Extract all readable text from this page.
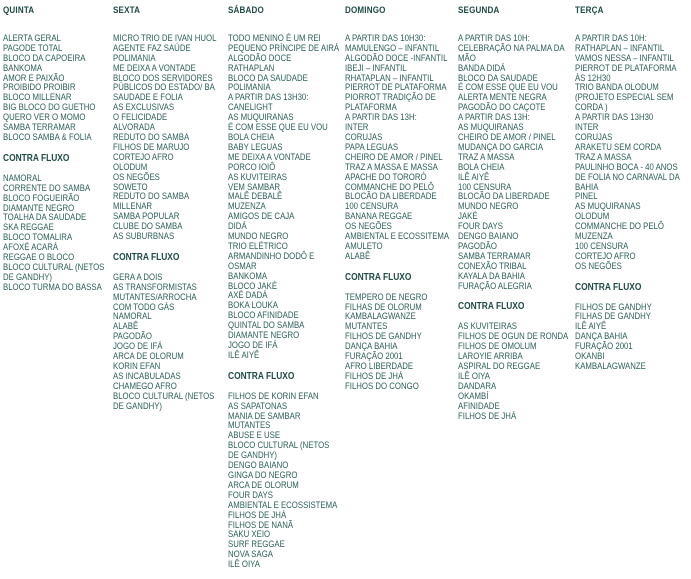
QUINTA
ALERTA GERAL
PAGODE TOTAL
BLOCO DA CAPOEIRA
BANKOMA
AMOR E PAIXÃO
PROIBIDO PROIBIR
BLOCO MILLENAR
BIG BLOCO DO GUETHO
QUERO VER O MOMO
SAMBA TERRAMAR
BLOCO SAMBA & FOLIA
CONTRA FLUXO
NAMORAL
CORRENTE DO SAMBA
BLOCO FOGUEIRÃO
DIAMANTE NEGRO
TOALHA DA SAUDADE
SKA REGGAE
BLOCO TOMALIRA
AFOXÉ ACARÁ
REGGAE O BLOCO
BLOCO CULTURAL (NETOS
DE GANDHY)
BLOCO TURMA DO BASSA
SEXTA
MICRO TRIO DE IVAN HUOL
AGENTE FAZ SAÚDE
POLIMANIA
ME DEIXA A VONTADE
BLOCO DOS SERVIDORES
PÚBLICOS DO ESTADO/ BA
SAUDADE E FOLIA
AS EXCLUSIVAS
O FELICIDADE
ALVORADA
REDUTO DO SAMBA
FILHOS DE MARUJO
CORTEJO AFRO
OLODUM
OS NEGÕES
SOWETO
REDUTO DO SAMBA
MILLENAR
SAMBA POPULAR
CLUBE DO SAMBA
AS SUBURBNAS
CONTRA FLUXO
GERA A DOIS
AS TRANSFORMISTAS
MUTANTES/ARROCHA
COM TODO GÁS
NAMORAL
ALABÊ
PAGODÃO
JOGO DE IFÁ
ARCA DE OLORUM
KORIN EFAN
AS INCABULADAS
CHAMEGO AFRO
BLOCO CULTURAL (NETOS
DE GANDHY)
SÁBADO
TODO MENINO É UM REI
PEQUENO PRÍNCIPE DE AIRÁ
ALGODÃO DOCE
RATHAPLAN
BLOCO DA SAUDADE
POLIMANIA
A PARTIR DAS 13H30:
CANELIGHT
AS MUQUIRANAS
É COM ESSE QUE EU VOU
BOLA CHEIA
BABY LEGUAS
ME DEIXA A VONTADE
PORCO IOIÔ
AS KUVITEIRAS
VEM SAMBAR
MALÊ DEBALÊ
MUZENZA
AMIGOS DE CAJA
DIDÁ
MUNDO NEGRO
TRIO ELÉTRICO
ARMANDINHO DODÔ E
OSMAR
BANKOMA
BLOCO JAKÉ
AXÉ DADÁ
BOKA LOUKA
BLOCO AFINIDADE
QUINTAL DO SAMBA
DIAMANTE NEGRO
JOGO DE IFÁ
ILÊ AIYÊ
CONTRA FLUXO
FILHOS DE KORIN EFAN
AS SAPATONAS
MANIA DE SAMBAR
MUTANTES
ABUSE E USE
BLOCO CULTURAL (NETOS
DE GANDHY)
DENGO BAIANO
GINGA DO NEGRO
ARCA DE OLORUM
FOUR DAYS
AMBIENTAL E ECOSSISTEMA
FILHOS DE JHÁ
FILHOS DE NANÃ
SAKU XEIO
SURF REGGAE
NOVA SAGA
ILÊ OIYA
DOMINGO
A PARTIR DAS 10H30:
MAMULENGO – INFANTIL
ALGODÃO DOCE -INFANTIL
IBEJI – INFANTIL
RHATAPLAN – INFANTIL
PIERROT DE PLATAFORMA
PIORROT TRADIÇÃO DE
PLATAFORMA
A PARTIR DAS 13H:
INTER
CORUJAS
PAPA LEGUAS
CHEIRO DE AMOR / PINEL
TRAZ A MASSA E MASSA
APACHE DO TORORÓ
COMMANCHE DO PELÔ
BLOCÃO DA LIBERDADE
100 CENSURA
BANANA REGGAE
OS NEGÕES
AMBIENTAL E ECOSSITEMA
AMULETO
ALABÊ
CONTRA FLUXO
TEMPERO DE NEGRO
FILHAS DE OLORUM
KAMBALAGWANZE
MUTANTES
FILHOS DE GANDHY
DANÇA BAHIA
FURAÇÃO 2001
AFRO LIBERDADE
FILHOS DE JHÁ
FILHOS DO CONGO
SEGUNDA
A PARTIR DAS 10H:
CELEBRAÇÃO NA PALMA DA
MÃO
BANDA DIDÁ
BLOCO DA SAUDADE
É COM ESSE QUE EU VOU
ALERTA MENTE NEGRA
PAGODÃO DO CAÇOTE
A PARTIR DAS 13H:
AS MUQUIRANAS
CHEIRO DE AMOR / PINEL
MUDANÇA DO GARCIA
TRAZ A MASSA
BOLA CHEIA
ILÊ AIYÊ
100 CENSURA
BLOCÃO DA LIBERDADE
MUNDO NEGRO
JAKÉ
FOUR DAYS
DENGO BAIANO
PAGODÃO
SAMBA TERRAMAR
CONEXÃO TRIBAL
KAYALA DA BAHIA
FURAÇÃO ALEGRIA
CONTRA FLUXO
AS KUVITEIRAS
FILHOS DE OGUN DE RONDA
FILHOS DE OMOLUM
LAROYIE ARRIBA
ASPIRAL DO REGGAE
ILÊ OIYA
DANDARA
OKAMBÍ
AFINIDADE
FILHOS DE JHÁ
TERÇA
A PARTIR DAS 10H:
RATHAPLAN – INFANTIL
VAMOS NESSA – INFANTIL
PIERROT DE PLATAFORMA
ÀS 12H30
TRIO BANDA OLODUM
(PROJETO ESPECIAL SEM
CORDA )
A PARTIR DAS 13H30
INTER
CORUJAS
ARAKETU SEM CORDA
TRAZ A MASSA
PAULINHO BOCA - 40 ANOS
DE FOLIA NO CARNAVAL DA
BAHIA
PINEL
AS MUQUIRANAS
OLODUM
COMMANCHE DO PELÔ
MUZENZA
100 CENSURA
CORTEJO AFRO
OS NEGÕES
CONTRA FLUXO
FILHOS DE GANDHY
FILHAS DE GANDHY
ILÊ AIYÊ
DANÇA BAHIA
FURAÇÃO 2001
OKANBI
KAMBALAGWANZE
